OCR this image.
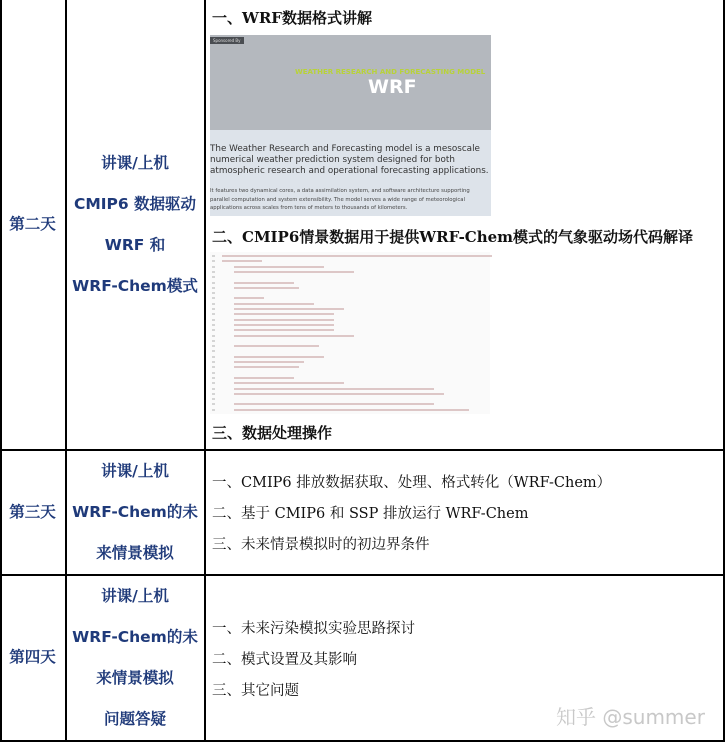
第二天
讲课/上机
CMIP6 数据驱动
WRF 和
WRF-Chem模式
一、WRF数据格式讲解
Sponsored By
WEATHER RESEARCH AND FORECASTING MODEL
WRF
The Weather Research and Forecasting model is a mesoscale numerical weather prediction system designed for both atmospheric research and operational forecasting applications.
It features two dynamical cores, a data assimilation system, and software architecture supporting parallel computation and system extensibility. The model serves a wide range of meteorological applications across scales from tens of meters to thousands of kilometers.
二、CMIP6情景数据用于提供WRF-Chem模式的气象驱动场代码解译
三、数据处理操作
第三天
讲课/上机
WRF-Chem的未
来情景模拟
一、CMIP6 排放数据获取、处理、格式转化（WRF-Chem）
二、基于 CMIP6 和 SSP 排放运行 WRF-Chem
三、未来情景模拟时的初边界条件
第四天
讲课/上机
WRF-Chem的未
来情景模拟
问题答疑
一、未来污染模拟实验思路探讨
二、模式设置及其影响
三、其它问题
知乎 @summer
